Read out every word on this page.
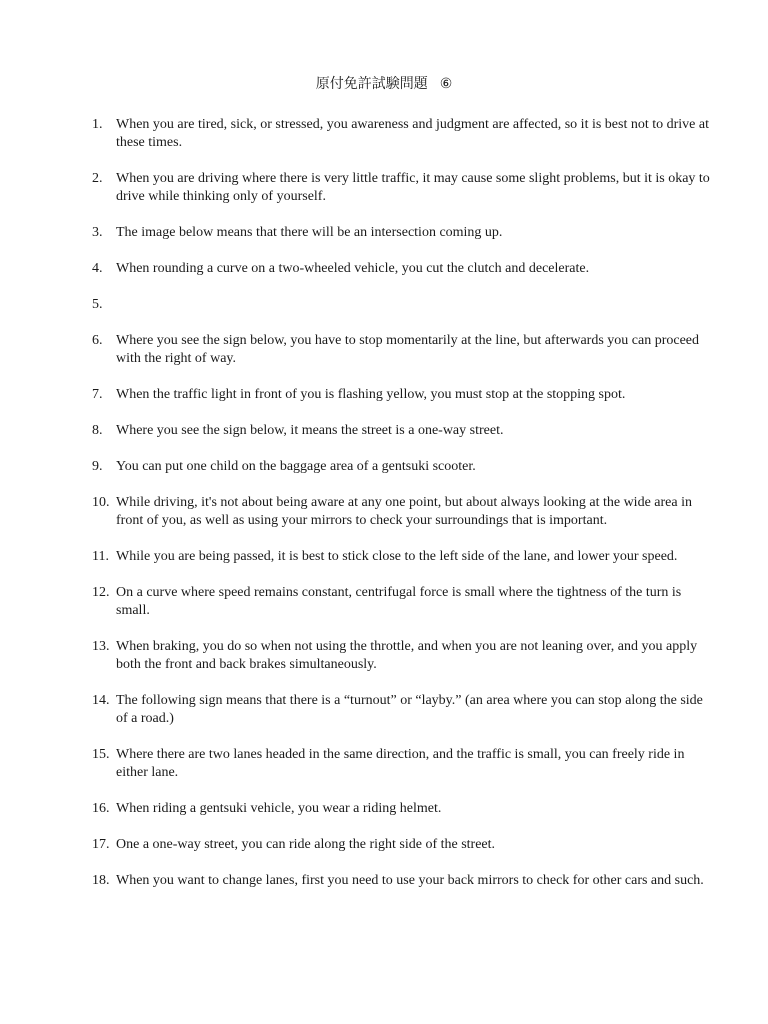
原付免許試験問題 ⑥
1. When you are tired, sick, or stressed, you awareness and judgment are affected, so it is best not to drive at these times.
2. When you are driving where there is very little traffic, it may cause some slight problems, but it is okay to drive while thinking only of yourself.
3. The image below means that there will be an intersection coming up.
4. When rounding a curve on a two-wheeled vehicle, you cut the clutch and decelerate.
5.
6. Where you see the sign below, you have to stop momentarily at the line, but afterwards you can proceed with the right of way.
7. When the traffic light in front of you is flashing yellow, you must stop at the stopping spot.
8. Where you see the sign below, it means the street is a one-way street.
9. You can put one child on the baggage area of a gentsuki scooter.
10. While driving, it's not about being aware at any one point, but about always looking at the wide area in front of you, as well as using your mirrors to check your surroundings that is important.
11. While you are being passed, it is best to stick close to the left side of the lane, and lower your speed.
12. On a curve where speed remains constant, centrifugal force is small where the tightness of the turn is small.
13. When braking, you do so when not using the throttle, and when you are not leaning over, and you apply both the front and back brakes simultaneously.
14. The following sign means that there is a “turnout” or “layby.” (an area where you can stop along the side of a road.)
15. Where there are two lanes headed in the same direction, and the traffic is small, you can freely ride in either lane.
16. When riding a gentsuki vehicle, you wear a riding helmet.
17. One a one-way street, you can ride along the right side of the street.
18. When you want to change lanes, first you need to use your back mirrors to check for other cars and such.
